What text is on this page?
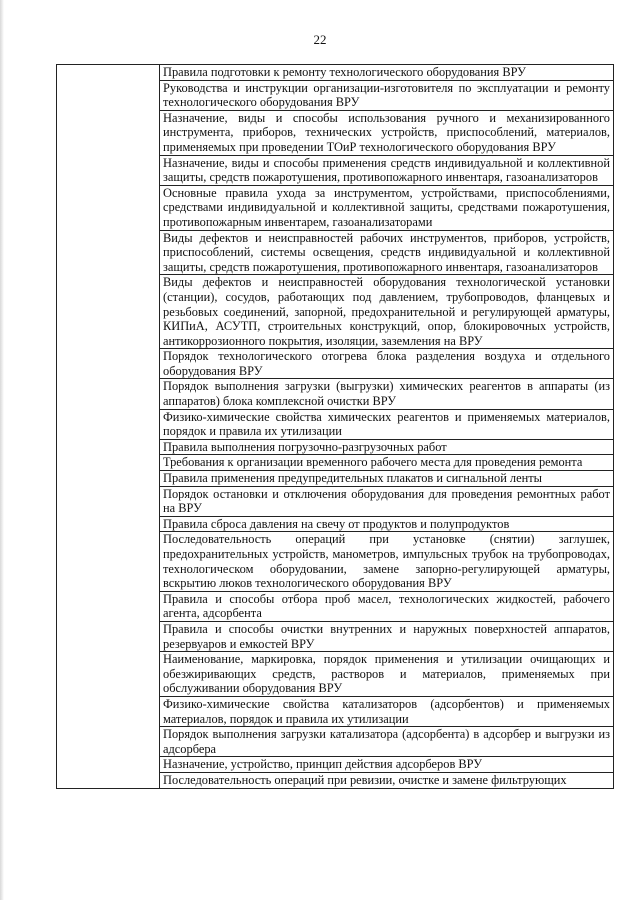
22

Правила подготовки к ремонту технологического оборудования ВРУ

Руководства и инструкции организации-изготовителя по эксплуатации и ремонту технологического оборудования ВРУ

Назначение, виды и способы использования ручного и механизированного инструмента, приборов, технических устройств, приспособлений, материалов, применяемых при проведении ТОиР технологического оборудования ВРУ

Назначение, виды и способы применения средств индивидуальной и коллективной защиты, средств пожаротушения, противопожарного инвентаря, газоанализаторов

Основные правила ухода за инструментом, устройствами, приспособлениями, средствами индивидуальной и коллективной защиты, средствами пожаротушения, противопожарным инвентарем, газоанализаторами

Виды дефектов и неисправностей рабочих инструментов, приборов, устройств, приспособлений, системы освещения, средств индивидуальной и коллективной защиты, средств пожаротушения, противопожарного инвентаря, газоанализаторов

Виды дефектов и неисправностей оборудования технологической установки (станции), сосудов, работающих под давлением, трубопроводов, фланцевых и резьбовых соединений, запорной, предохранительной и регулирующей арматуры, КИПиА, АСУТП, строительных конструкций, опор, блокировочных устройств, антикоррозионного покрытия, изоляции, заземления на ВРУ

Порядок технологического отогрева блока разделения воздуха и отдельного оборудования ВРУ

Порядок выполнения загрузки (выгрузки) химических реагентов в аппараты (из аппаратов) блока комплексной очистки ВРУ

Физико-химические свойства химических реагентов и применяемых материалов, порядок и правила их утилизации

Правила выполнения погрузочно-разгрузочных работ

Требования к организации временного рабочего места для проведения ремонта

Правила применения предупредительных плакатов и сигнальной ленты

Порядок остановки и отключения оборудования для проведения ремонтных работ на ВРУ

Правила сброса давления на свечу от продуктов и полупродуктов

Последовательность операций при установке (снятии) заглушек, предохранительных устройств, манометров, импульсных трубок на трубопроводах, технологическом оборудовании, замене запорно-регулирующей арматуры, вскрытию люков технологического оборудования ВРУ

Правила и способы отбора проб масел, технологических жидкостей, рабочего агента, адсорбента

Правила и способы очистки внутренних и наружных поверхностей аппаратов, резервуаров и емкостей ВРУ

Наименование, маркировка, порядок применения и утилизации очищающих и обезжиривающих средств, растворов и материалов, применяемых при обслуживании оборудования ВРУ

Физико-химические свойства катализаторов (адсорбентов) и применяемых материалов, порядок и правила их утилизации

Порядок выполнения загрузки катализатора (адсорбента) в адсорбер и выгрузки из адсорбера

Назначение, устройство, принцип действия адсорберов ВРУ

Последовательность операций при ревизии, очистке и замене фильтрующих
